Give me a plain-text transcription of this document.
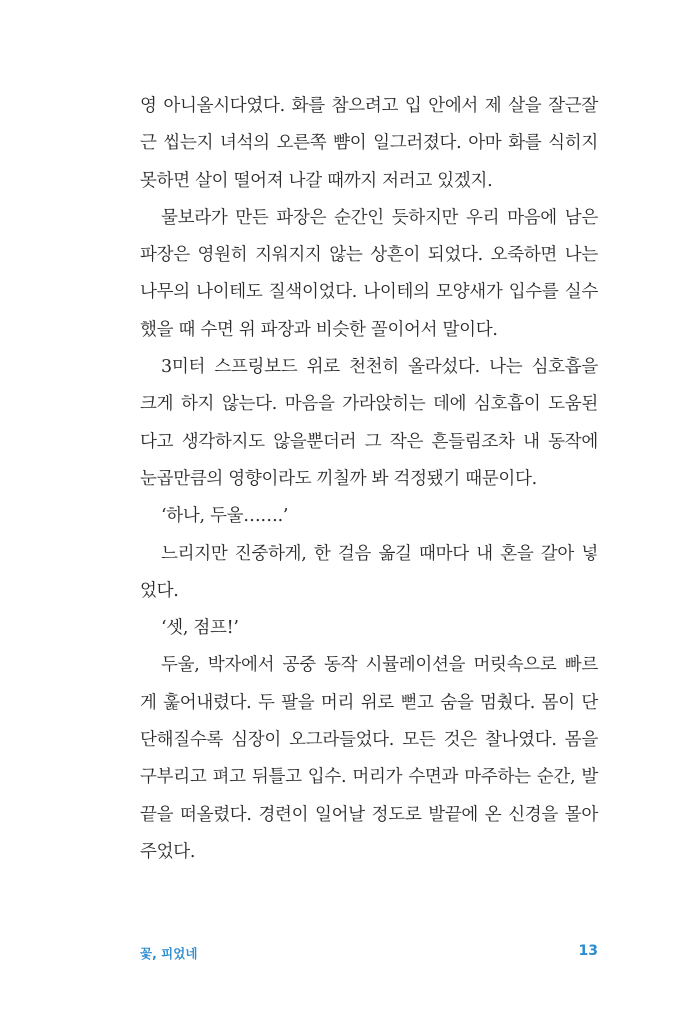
영 아니올시다였다. 화를 참으려고 입 안에서 제 살을 잘근잘
근 씹는지 녀석의 오른쪽 뺨이 일그러졌다. 아마 화를 식히지
못하면 살이 떨어져 나갈 때까지 저러고 있겠지.
물보라가 만든 파장은 순간인 듯하지만 우리 마음에 남은
파장은 영원히 지워지지 않는 상흔이 되었다. 오죽하면 나는
나무의 나이테도 질색이었다. 나이테의 모양새가 입수를 실수
했을 때 수면 위 파장과 비슷한 꼴이어서 말이다.
3미터 스프링보드 위로 천천히 올라섰다. 나는 심호흡을
크게 하지 않는다. 마음을 가라앉히는 데에 심호흡이 도움된
다고 생각하지도 않을뿐더러 그 작은 흔들림조차 내 동작에
눈곱만큼의 영향이라도 끼칠까 봐 걱정됐기 때문이다.
‘하나, 두울…….’
느리지만 진중하게, 한 걸음 옮길 때마다 내 혼을 갈아 넣
었다.
‘셋, 점프!’
두울, 박자에서 공중 동작 시뮬레이션을 머릿속으로 빠르
게 훑어내렸다. 두 팔을 머리 위로 뻗고 숨을 멈췄다. 몸이 단
단해질수록 심장이 오그라들었다. 모든 것은 찰나였다. 몸을
구부리고 펴고 뒤틀고 입수. 머리가 수면과 마주하는 순간, 발
끝을 떠올렸다. 경련이 일어날 정도로 발끝에 온 신경을 몰아
주었다.
꽃, 피었네	13
